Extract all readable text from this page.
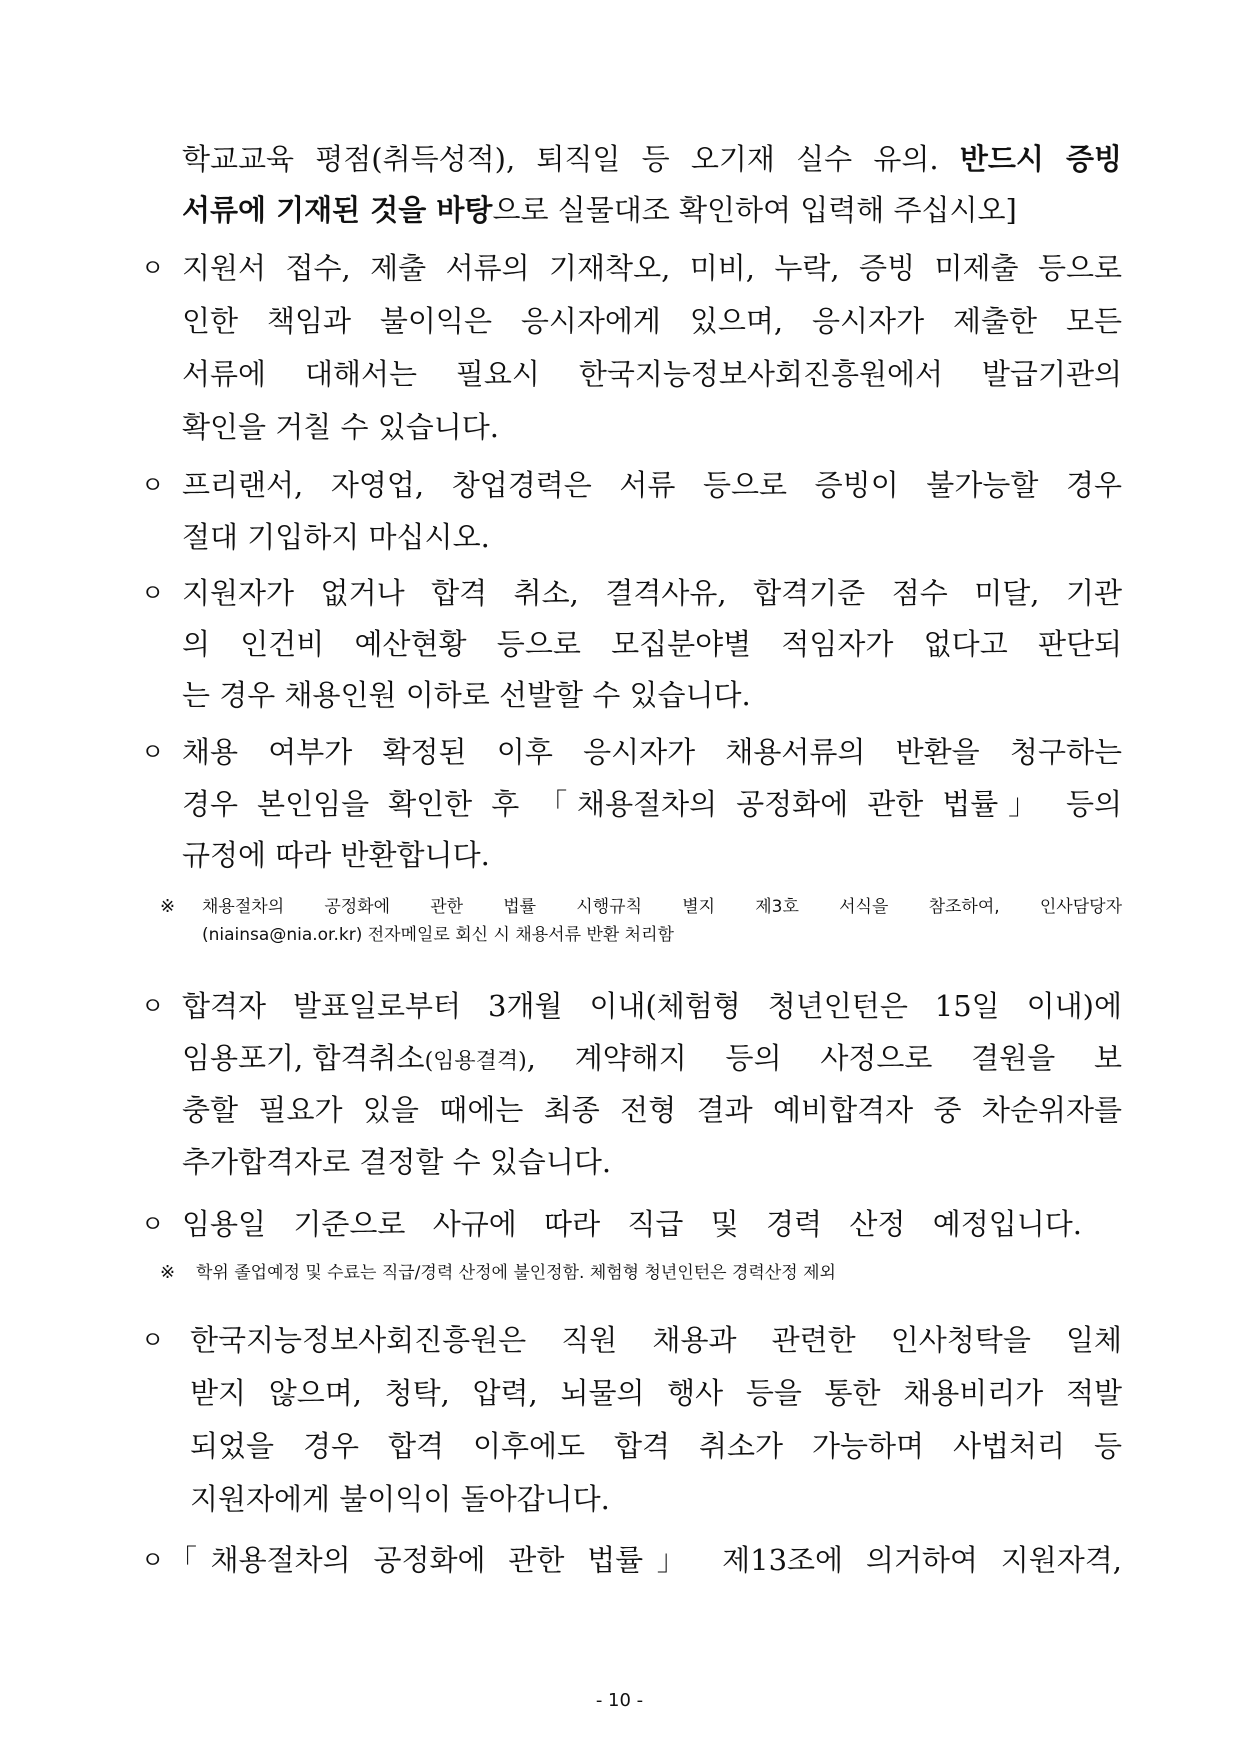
학교교육 평점(취득성적), 퇴직일 등 오기재 실수 유의. 반드시 증빙
서류에 기재된 것을 바탕으로 실물대조 확인하여 입력해 주십시오]
ㅇ 지원서 접수, 제출 서류의 기재착오, 미비, 누락, 증빙 미제출 등으로
인한 책임과 불이익은 응시자에게 있으며, 응시자가 제출한 모든
서류에 대해서는 필요시 한국지능정보사회진흥원에서 발급기관의
확인을 거칠 수 있습니다.
ㅇ 프리랜서, 자영업, 창업경력은 서류 등으로 증빙이 불가능할 경우
절대 기입하지 마십시오.
ㅇ 지원자가 없거나 합격 취소, 결격사유, 합격기준 점수 미달, 기관
의 인건비 예산현황 등으로 모집분야별 적임자가 없다고 판단되
는 경우 채용인원 이하로 선발할 수 있습니다.
ㅇ 채용 여부가 확정된 이후 응시자가 채용서류의 반환을 청구하는
경우 본인임을 확인한 후 「채용절차의 공정화에 관한 법률」 등의
규정에 따라 반환합니다.
※ 채용절차의 공정화에 관한 법률 시행규칙 별지 제3호 서식을 참조하여, 인사담당자
(niainsa@nia.or.kr) 전자메일로 회신 시 채용서류 반환 처리함
ㅇ 합격자 발표일로부터 3개월 이내(체험형 청년인턴은 15일 이내)에
임용포기, 합격취소 (임용결격) , 계약해지 등의 사정으로 결원을 보
충할 필요가 있을 때에는 최종 전형 결과 예비합격자 중 차순위자를
추가합격자로 결정할 수 있습니다.
ㅇ 임용일 기준으로 사규에 따라 직급 및 경력 산정 예정입니다.
※ 학위 졸업예정 및 수료는 직급/경력 산정에 불인정함. 체험형 청년인턴은 경력산정 제외
ㅇ 한국지능정보사회진흥원은 직원 채용과 관련한 인사청탁을 일체
받지 않으며, 청탁, 압력, 뇌물의 행사 등을 통한 채용비리가 적발
되었을 경우 합격 이후에도 합격 취소가 가능하며 사법처리 등
지원자에게 불이익이 돌아갑니다.
ㅇ 「채용절차의 공정화에 관한 법률」 제13조에 의거하여 지원자격,
- 10 -
